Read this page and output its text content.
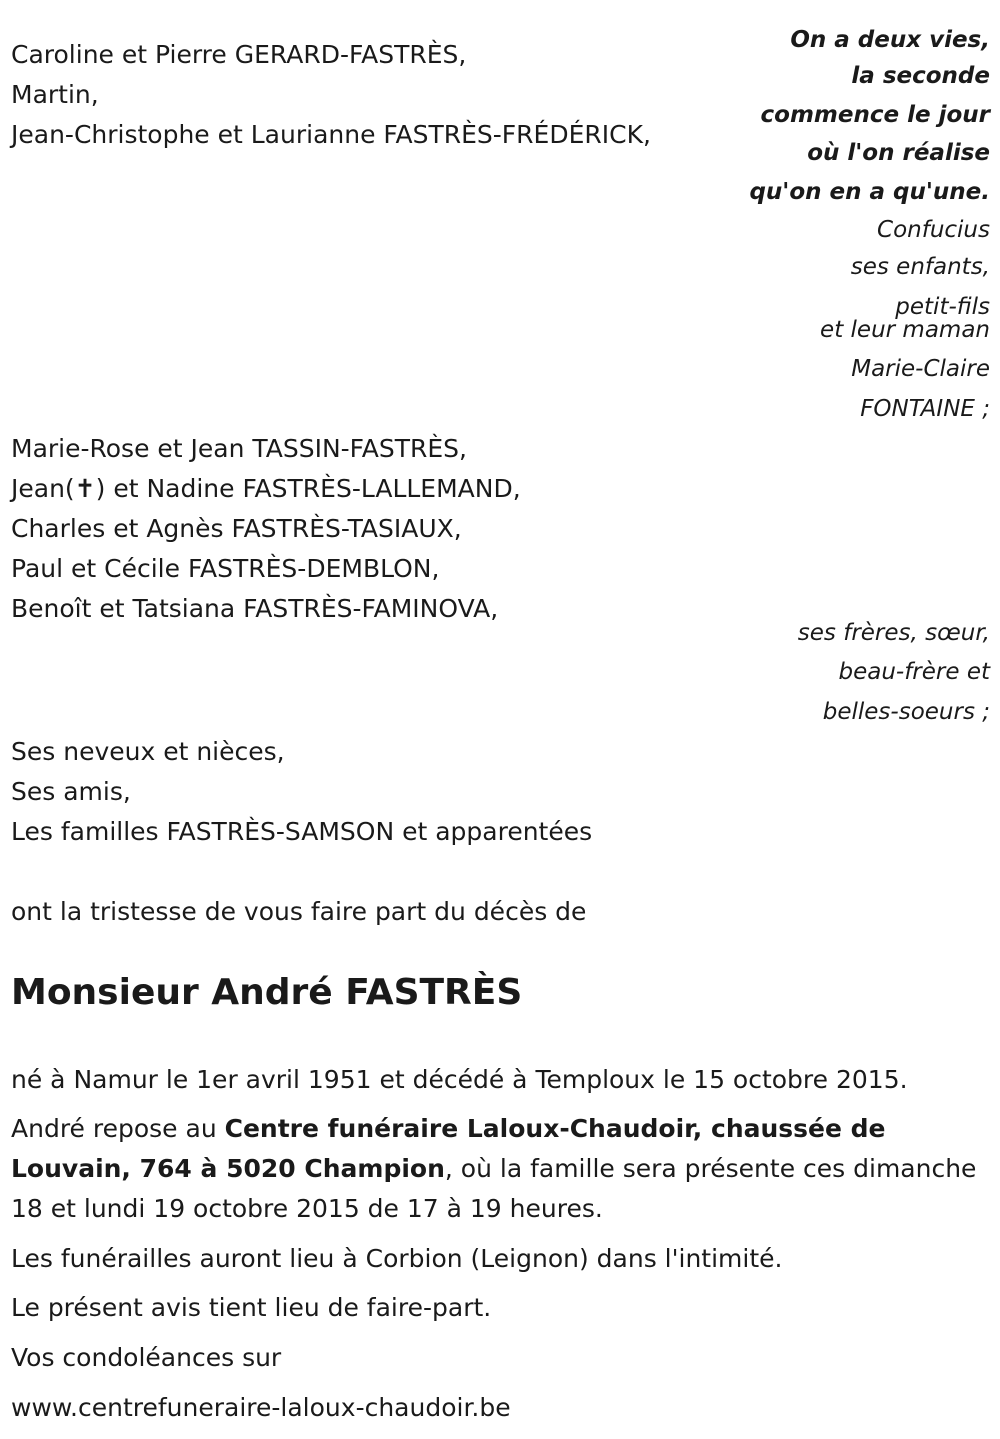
Caroline et Pierre GERARD-FASTRÈS,
Martin,
Jean-Christophe et Laurianne FASTRÈS-FRÉDÉRICK,
On a deux vies,
la seconde
commence le jour
où l'on réalise
qu'on en a qu'une.
Confucius
ses enfants,
petit-fils
et leur maman
Marie-Claire
FONTAINE ;
Marie-Rose et Jean TASSIN-FASTRÈS,
Jean(✝) et Nadine FASTRÈS-LALLEMAND,
Charles et Agnès FASTRÈS-TASIAUX,
Paul et Cécile FASTRÈS-DEMBLON,
Benoît et Tatsiana FASTRÈS-FAMINOVA,
ses frères, sœur,
beau-frère et
belles-soeurs ;
Ses neveux et nièces,
Ses amis,
Les familles FASTRÈS-SAMSON et apparentées
ont la tristesse de vous faire part du décès de
Monsieur André FASTRÈS
né à Namur le 1er avril 1951 et décédé à Temploux le 15 octobre 2015.
André repose au Centre funéraire Laloux-Chaudoir, chaussée de Louvain, 764 à 5020 Champion, où la famille sera présente ces dimanche 18 et lundi 19 octobre 2015 de 17 à 19 heures.
Les funérailles auront lieu à Corbion (Leignon) dans l'intimité.
Le présent avis tient lieu de faire-part.
Vos condoléances sur
www.centrefuneraire-laloux-chaudoir.be
